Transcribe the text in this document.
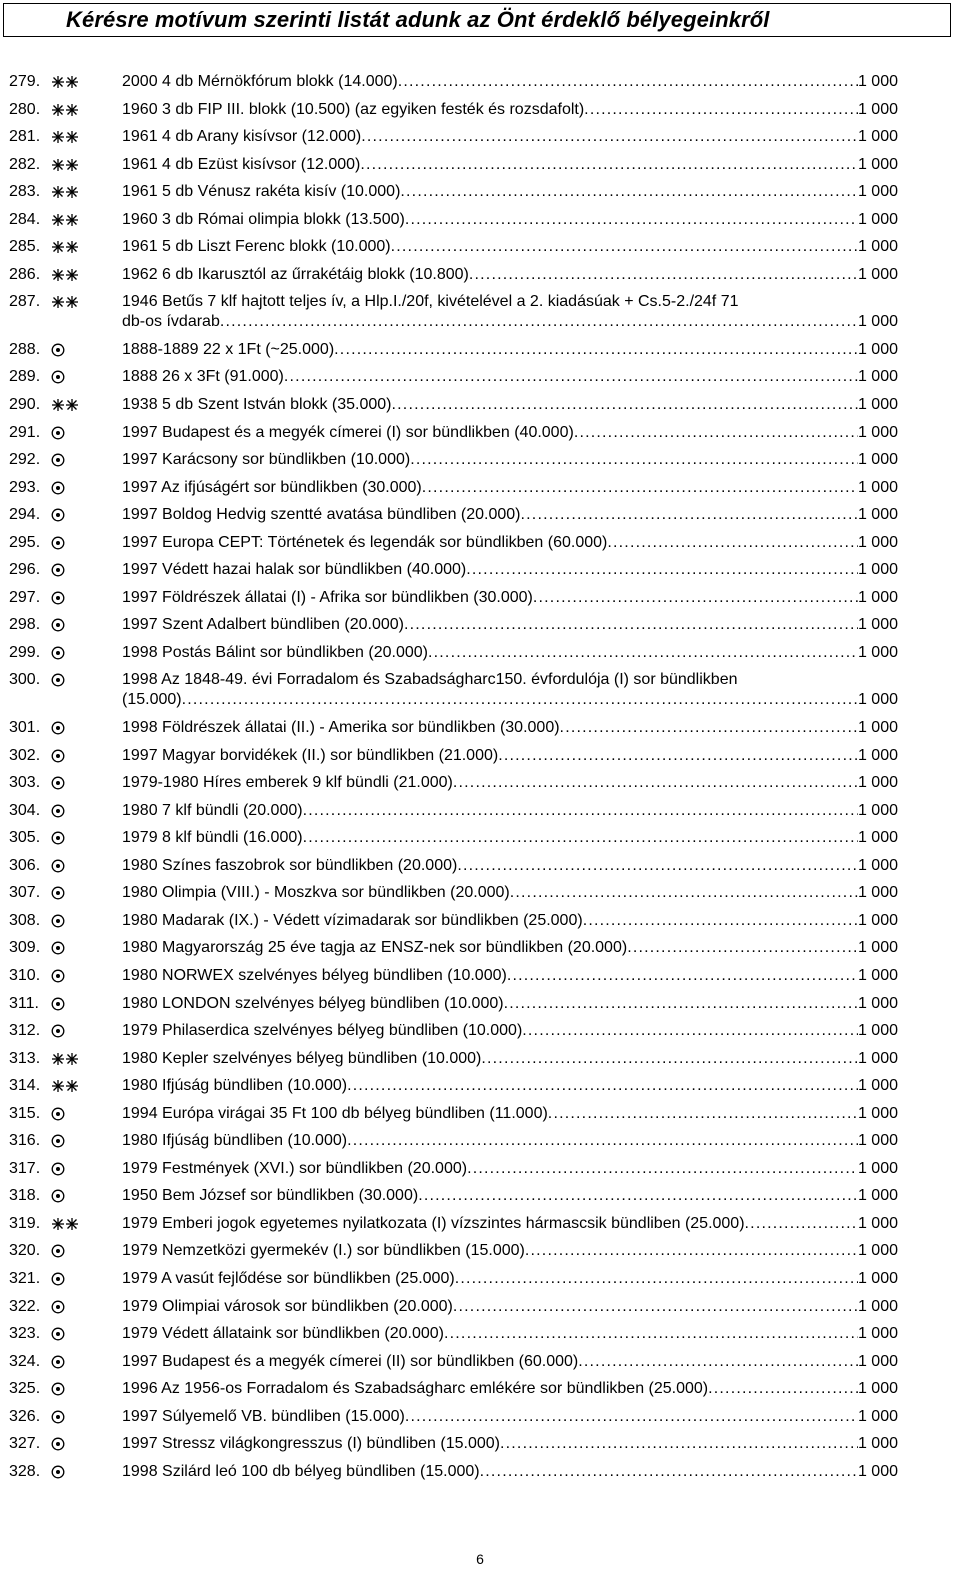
Kérésre motívum szerinti listát adunk az Önt érdeklő bélyegeinkről
279.	2000 4 db Mérnökfórum blokk (14.000) .....	1 000
280.	1960 3 db FIP III. blokk (10.500) (az egyiken festék és rozsdafolt) .....	1 000
281.	1961 4 db Arany kisívsor (12.000) .....	1 000
282.	1961 4 db Ezüst kisívsor (12.000) .....	1 000
283.	1961 5 db Vénusz rakéta kisív (10.000) .....	1 000
284.	1960 3 db Római olimpia blokk (13.500) .....	1 000
285.	1961 5 db Liszt Ferenc blokk (10.000) .....	1 000
286.	1962 6 db Ikarusztól az űrrakétáig blokk (10.800) .....	1 000
287.	1946 Betűs 7 klf hajtott teljes ív, a Hlp.I./20f, kivételével a 2. kiadásúak + Cs.5-2./24f 71
db-os ívdarab .....	1 000
288.	1888-1889 22 x 1Ft (~25.000) .....	1 000
289.	1888 26 x 3Ft (91.000) .....	1 000
290.	1938 5 db Szent István blokk (35.000) .....	1 000
291.	1997 Budapest és a megyék címerei (I) sor bündlikben (40.000) .....	1 000
292.	1997 Karácsony sor bündlikben (10.000) .....	1 000
293.	1997 Az ifjúságért sor bündlikben (30.000) .....	1 000
294.	1997 Boldog Hedvig szentté avatása bündliben (20.000) .....	1 000
295.	1997 Europa CEPT: Történetek és legendák sor bündlikben (60.000) .....	1 000
296.	1997 Védett hazai halak sor bündlikben (40.000) .....	1 000
297.	1997 Földrészek állatai (I) - Afrika sor bündlikben (30.000) .....	1 000
298.	1997 Szent Adalbert bündliben (20.000) .....	1 000
299.	1998 Postás Bálint sor bündlikben (20.000) .....	1 000
300.	1998 Az 1848-49. évi Forradalom és Szabadságharc150. évfordulója (I) sor bündlikben
(15.000) .....	1 000
301.	1998 Földrészek állatai (II.) - Amerika sor bündlikben (30.000) .....	1 000
302.	1997 Magyar borvidékek (II.) sor bündlikben (21.000) .....	1 000
303.	1979-1980 Híres emberek 9 klf bündli (21.000) .....	1 000
304.	1980 7 klf bündli (20.000) .....	1 000
305.	1979 8 klf bündli (16.000) .....	1 000
306.	1980 Színes faszobrok sor bündlikben (20.000) .....	1 000
307.	1980 Olimpia (VIII.) - Moszkva sor bündlikben (20.000) .....	1 000
308.	1980 Madarak (IX.) - Védett vízimadarak sor bündlikben (25.000) .....	1 000
309.	1980 Magyarország 25 éve tagja az ENSZ-nek sor bündlikben (20.000) .....	1 000
310.	1980 NORWEX szelvényes bélyeg bündliben (10.000) .....	1 000
311.	1980 LONDON szelvényes bélyeg bündliben (10.000) .....	1 000
312.	1979 Philaserdica szelvényes bélyeg bündliben (10.000) .....	1 000
313.	1980 Kepler szelvényes bélyeg bündliben (10.000) .....	1 000
314.	1980 Ifjúság bündliben (10.000) .....	1 000
315.	1994 Európa virágai 35 Ft 100 db bélyeg bündliben (11.000) .....	1 000
316.	1980 Ifjúság bündliben (10.000) .....	1 000
317.	1979 Festmények (XVI.) sor bündlikben (20.000) .....	1 000
318.	1950 Bem József sor bündlikben (30.000) .....	1 000
319.	1979 Emberi jogok egyetemes nyilatkozata (I) vízszintes hármascsik bündliben (25.000) .....	1 000
320.	1979 Nemzetközi gyermekév (I.) sor bündlikben (15.000) .....	1 000
321.	1979 A vasút fejlődése sor bündlikben (25.000) .....	1 000
322.	1979 Olimpiai városok sor bündlikben (20.000) .....	1 000
323.	1979 Védett állataink sor bündlikben (20.000) .....	1 000
324.	1997 Budapest és a megyék címerei (II) sor bündlikben (60.000) .....	1 000
325.	1996 Az 1956-os Forradalom és Szabadságharc emlékére sor bündlikben (25.000) .....	1 000
326.	1997 Súlyemelő VB. bündliben (15.000) .....	1 000
327.	1997 Stressz világkongresszus (I) bündliben (15.000) .....	1 000
328.	1998 Szilárd leó 100 db bélyeg bündliben (15.000) .....	1 000
6
